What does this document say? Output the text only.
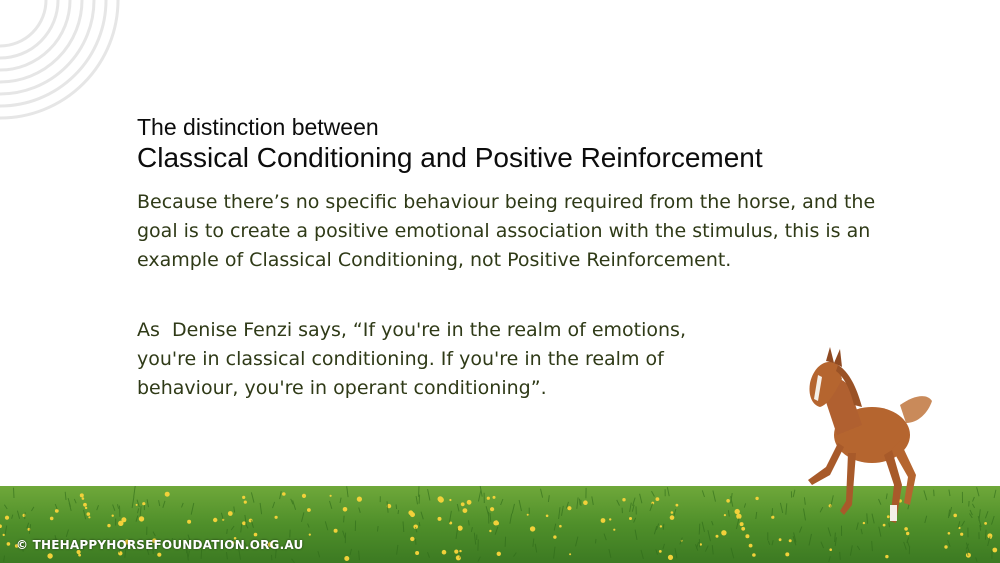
The distinction between
Classical Conditioning and Positive Reinforcement

Because there’s no specific behaviour being required from the horse, and the goal is to create a positive emotional association with the stimulus, this is an example of Classical Conditioning, not Positive Reinforcement.

As  Denise Fenzi says, “If you're in the realm of emotions,
you're in classical conditioning. If you're in the realm of
behaviour, you're in operant conditioning”.
© THEHAPPYHORSEFOUNDATION.ORG.AU
